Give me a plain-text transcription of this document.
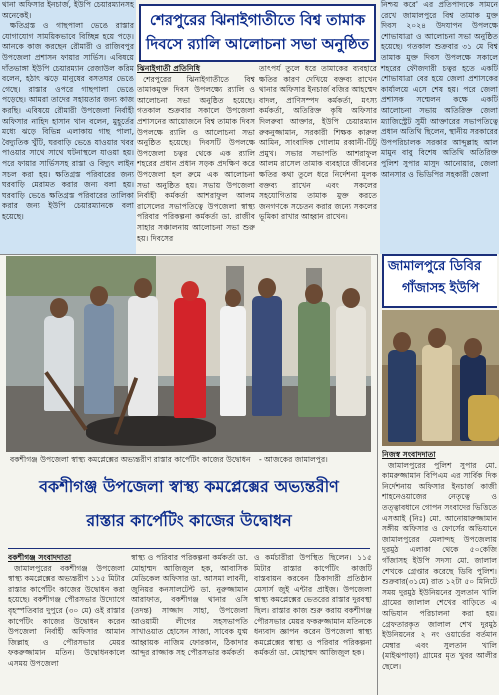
থানা অফিসার ইনচার্জ, ইউপি চেয়ারম্যানসহ অনেকেই।

ক্ষতিগ্রস্ত ও গাছপালা ভেঙে রাস্তার যোগাযোগ সাময়িকভাবে বিচ্ছিন্ন হয়ে পড়ে। আনকে কাজ করছেন রৌমারী ও রাজিবপুর উপজেলা প্রশাসন ফায়ার সার্ভিস। এবিষয়ে দাঁতভাঙ্গা ইউপি চেয়ারম্যান রেজাউল করিম বলেন, হঠাৎ ঝড়ে মানুষের বসতঘর ভেঙে গেছে। রাস্তার ওপরে গাছপালা ভেঙে পড়েছে। আমরা তাদের সহায়তার জন্য কাজ করছি। এবিষয়ে রৌমারী উপজেলা নির্বাহী অফিসার নাহিদ হাসান খান বলেন, মুহূর্তের মধ্যে ঝড়ে বিভিন্ন এলাকায় গাছ পালা, বৈদ্যুতিক খুঁটি, ঘরবাড়ি ভেঙে যাওয়ার খবর পাওয়ার সাথে সাথে ঘটনাস্থলে যাওয়া হয়। পরে ফায়ার সার্ভিসসহ রাস্তা ও বিদ্যুৎ লাইন সচল করা হয়। ক্ষতিগ্রস্ত পরিবারের জন্য ঘরবাড়ি মেরামত করার জন্য বলা হয়। ঘরবাড়ি ভেঙে ক্ষতিগ্রস্ত পরিবারের তালিকা করার জন্য ইউপি চেয়ারম্যানকে বলা হয়েছে।

শেরপুরের ঝিনাইগাতীতে বিশ্ব তামাক
দিবসে র‍্যালি আলোচনা সভা অনুষ্ঠিত

ঝিনাইগাতী প্রতিনিধি

শেরপুরের ঝিনাইগাতীতে বিশ্ব তামাকমুক্ত দিবস উপলক্ষ্যে র‍্যালি ও আলোচনা সভা অনুষ্ঠিত হয়েছে। গতকাল শুক্রবার সকালে উপজেলা প্রশাসনের আয়োজনে বিশ্ব তামাক দিবস উপলক্ষে র‍্যালি ও আলোচনা সভা অনুষ্ঠিত হয়েছে। দিবসটি উপলক্ষে উপজেলা চত্বর থেকে এক র‍্যালি শহরের প্রধান প্রধান সড়ক প্রদক্ষিণ করে উপজেলা হল রুমে এক আলোচনা সভা অনুষ্ঠিত হয়। সভায় উপজেলা নির্বাহী কর্মকর্তা আশরাফুল আলম রাসেলের সভাপতিত্বে উপজেলা স্বাস্থ্য পরিবার পরিকল্পনা কর্মকর্তা ডা. রাজীব সাহার সঞ্চালনায় আলোচনা সভা শুরু হয়। দিবসের

তাৎপর্য তুলে ধরে তামাকের ব্যবহারে ক্ষতির কারণ দেখিয়ে বক্তব্য রাখেন থানার অফিসার ইনচার্জ বজির আহম্মেদ বাদল, প্রাণিসম্পদ কর্মকর্তা, মৎস্য কর্মকর্তা, অতিরিক্ত কৃষি অফিসার দিলরুবা আক্তার, ইউপি চেয়ারম্যান রুকনুজ্জামান, সরকারী শিক্ষক কারুল আমিন, সাংবাদিক গোলাম রব্বানী-টিটু প্রমুখ। সভার সভাপতি আশরাফুল আলম রাসেল তামাক ব্যবহারে জীবনের ক্ষতির কথা তুলে ধরে নির্দেশনা মূলক বক্তব্য রাখেন এবং সকলের সহযোগিতায় তামাক মুক্ত করতে জনগণকে সচেতন করার জন্যে সকলের ভূমিকা রাখার আহ্বান রাখেন।

নিশ্চয় করে' এর প্রতিপাদ্যকে সামনে রেখে জামালপুরে বিশ্ব তামাক মুক্ত দিবস ২০২৪ উদযাপন উপলক্ষে শোভাযাত্রা ও আলোচনা সভা অনুষ্ঠিত হয়েছে। গতকাল শুক্রবার ৩১ মে বিশ্ব তামাক মুক্ত দিবস উপলক্ষে সকালে শহরের ফৌজদারী চত্বর হতে একটি শোভাযাত্রা বের হয়ে জেলা প্রশাসকের কার্যালয়ে এসে শেষ হয়। পরে জেলা প্রশাসক সম্মেলন কক্ষে একটি আলোচনা সভায় অতিরিক্ত জেলা ম্যাজিস্ট্রেট সুমী আক্তারের সভাপতিত্বে প্রধান অতিথি ছিলেন, স্থানীয় সরকারের উপপরিচালক সরকার আব্দুল্লাহ আল মামুন বাবু বিশেষ অতিথি অতিরিক্ত পুলিশ সুপার মাসুদ আনোয়ার, জেলা আনসার ও ভিডিপির সহকারী জেলা

বকশীগঞ্জ উপজেলা স্বাস্থ্য কমপ্লেক্সের অভ্যন্তরীণ রাস্তার কার্পেটিং কাজের উদ্বোধন - আজকের জামালপুর।
জামালপুরে ডিবির
গাঁজাসহ ইউপি

নিজস্ব সংবাদদাতা

জামালপুরের পুলিশ সুপার মো. কামরুজ্জামান বিপিএম এর সার্বিক দিক নির্দেশনায় অফিসার ইনচার্জ কাজী শাহনেওয়াজের নেতৃত্বে ও তত্ত্বাবধানে গোপন সংবাদের ভিত্তিতে এসআই (নিঃ) মো. আনোয়ারুজ্জামান সঙ্গীয় অফিসার ও ফোর্সের অভিযানে জামালপুরের মেলান্দহ উপজেলায় দুরমুঠ এলাকা থেকে ৫০কেজি গাঁজাসহ ইউপি সদস্য মো. জালাল শেখকে গ্রেপ্তার করেছে ডিবি পুলিশ। শুক্রবার(৩১মে) রাত ১২টা ৫০ মিনিটে সময় দুরমুঠ ইউনিয়নের সুলতান খালি গ্রামের জালাল শেখের বাড়িতে এ অভিযান পরিচালনা করা হয়। গ্রেফতারকৃত জালাল শেখ দুরমুঠ ইউনিয়নের ২ নং ওয়ার্ডের বর্তমান মেম্বার এবং সুলতান খালি (মাইঝপাড়া) গ্রামের মৃত খুবর আলীর ছেলে।

বকশীগঞ্জ উপজেলা স্বাস্থ্য কমপ্লেক্সের অভ্যন্তরীণ
রাস্তার কার্পেটিং কাজের উদ্বোধন

বকশীগঞ্জ সংবাদদাতা

জামালপুরের বকশীগঞ্জ উপজেলা স্বাস্থ্য কমপ্লেক্সের অভ্যন্তরীণ ১১৫ মিটার রাস্তার কার্পেটিং কাজের উদ্বোধন করা হয়েছে। বকশীগঞ্জ পৌরসভার উদ্যোগে বৃহস্পতিবার দুপুরে (৩০ মে) ওই রাস্তার কার্পেটিং কাজের উদ্বোধন করেন উপজেলা নির্বাহী অফিসার আমান জিল্লাহ ও পৌরসভার মেয়র ফকরুজ্জামান মতিন। উদ্বোধনকালে এসময় উপজেলা

স্বাস্থ্য ও পরিবার পরিকল্পনা কর্মকর্তা ডা. মোহাম্মদ আজিজুল হক, আবাসিক মেডিকেল অফিসার ডা. আসমা লাবনী, জুনিয়র কনসালটেন্ট ডা. নুরুজ্জামান আরাফাত, বকশীগঞ্জ থানার ওসি (তদন্ত) সাজ্জাদ সাহা, উপজেলা আওয়ামী লীগের সহসভাপতি সাখাওয়াত হোসেন সাজা, সাবেক যুগ্ম আহ্বায়ক নাজিম ফোরকান, ঠিকাদার আব্দুর রাজ্জাক সহ পৌরসভার কর্মকর্তা

ও কর্মচারীরা উপস্থিত ছিলেন। ১১৫ মিটার রাস্তার কার্পেটিং কাজটি বাস্তবায়ন করবেন ঠিকাদারী প্রতিষ্ঠান মেসার্স জুই এন্টার প্রাইজ। উপজেলা স্বাস্থ্য কমপ্লেক্সের ভেতরের রাস্তার দুরবস্থা ছিল। রাস্তার কাজ শুরু করায় বকশীগঞ্জ পৌরসভার মেয়র ফকরুজ্জামান মতিনকে ধন্যবাদ জ্ঞাপন করেন উপজেলা স্বাস্থ্য কমপ্লেক্সের স্বাস্থ্য ও পরিবার পরিকল্পনা কর্মকর্তা ডা. মোহাম্মদ আজিজুল হক।
